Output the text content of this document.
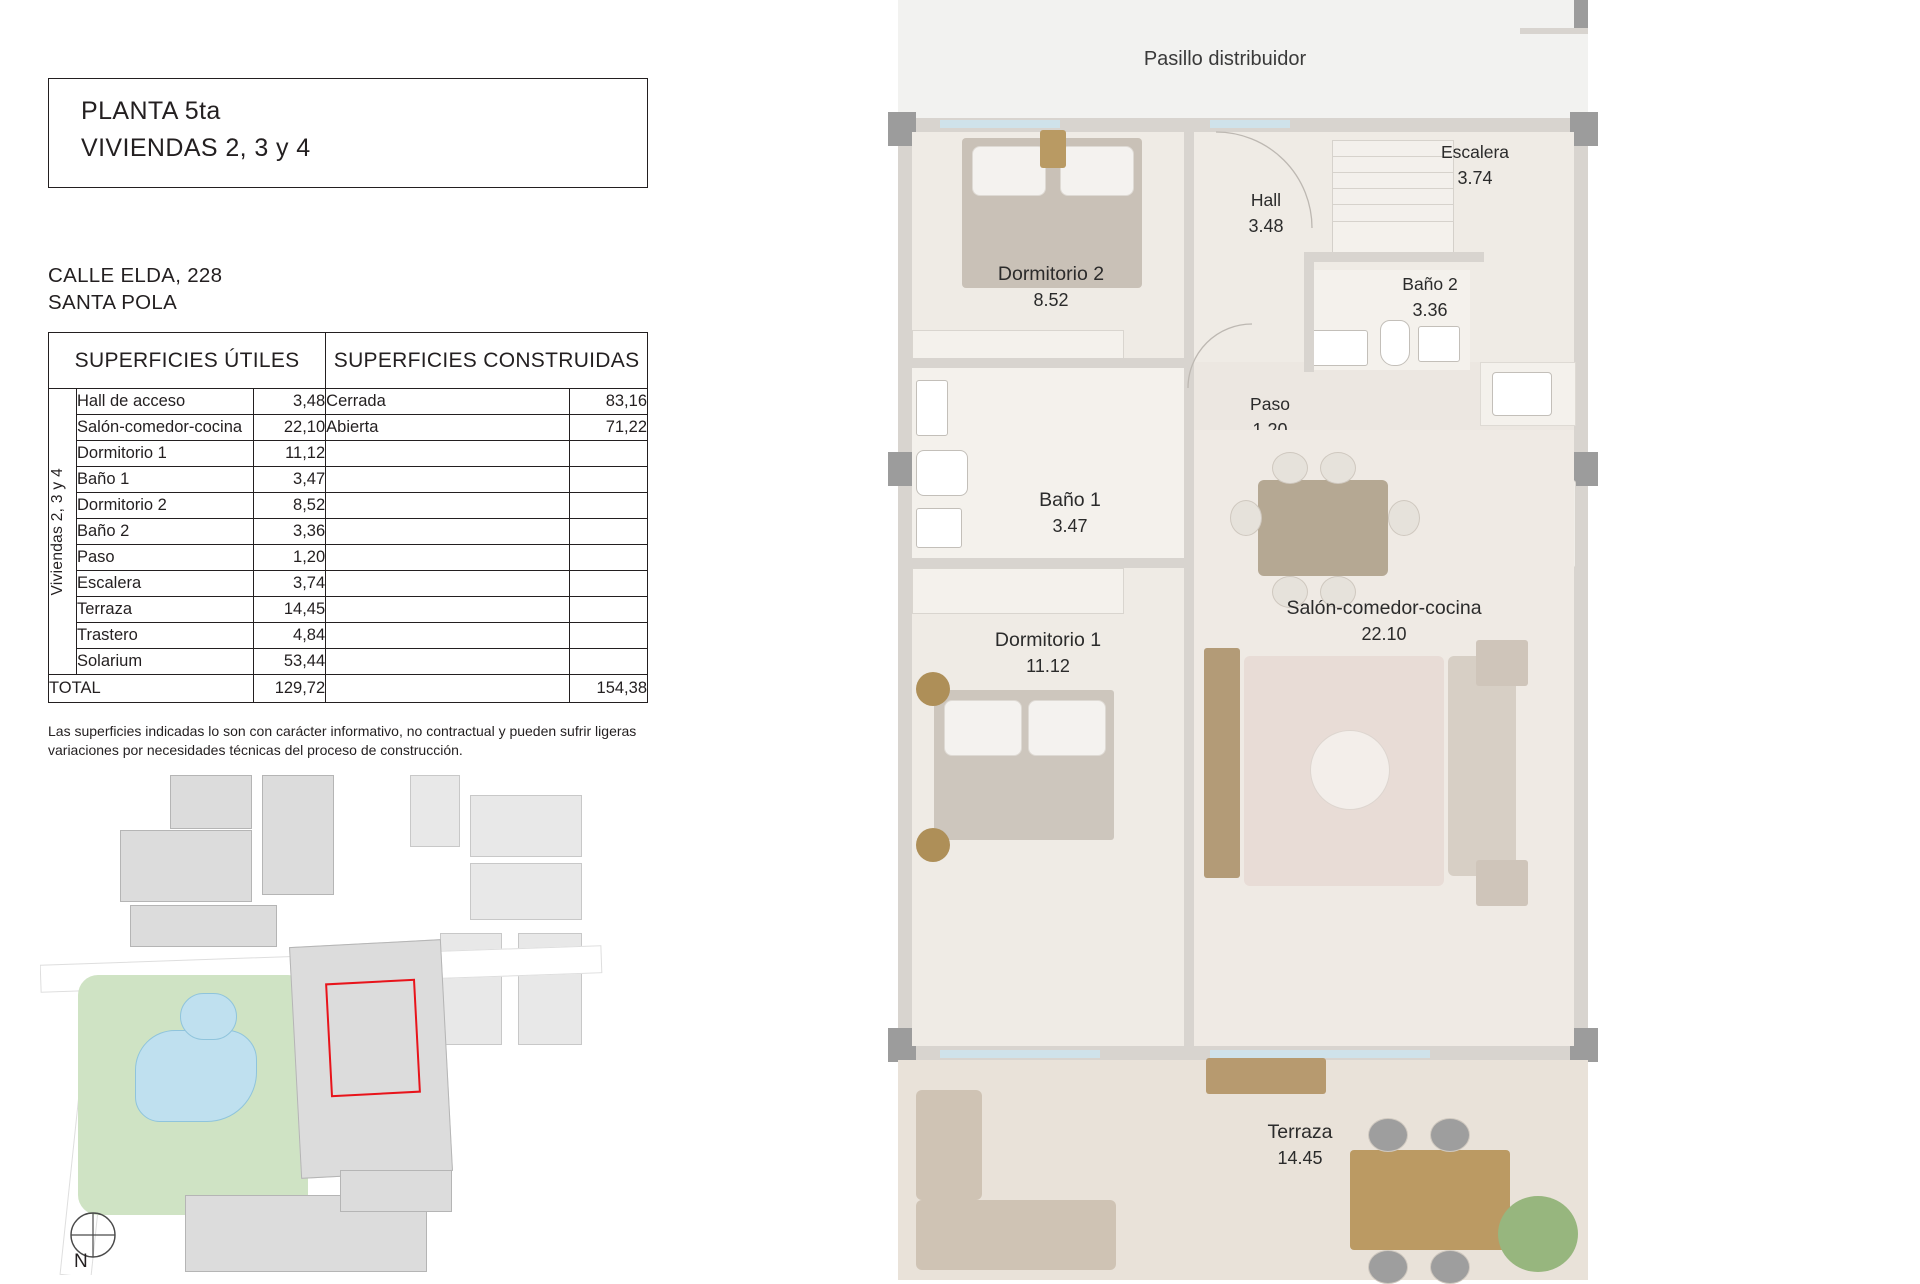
PLANTA 5ta
VIVIENDAS 2, 3 y 4
CALLE ELDA, 228
SANTA POLA
SUPERFICIES ÚTILES			SUPERFICIES CONSTRUIDAS	

Viviendas 2, 3 y 4	Hall de acceso	3,48	Cerrada	83,16
	Salón-comedor-cocina	22,10	Abierta	71,22
	Dormitorio 1	11,12		
	Baño 1	3,47		
	Dormitorio 2	8,52		
	Baño 2	3,36		
	Paso	1,20		
	Escalera	3,74		
	Terraza	14,45		
	Trastero	4,84		
	Solarium	53,44		
TOTAL		129,72		154,38
Las superficies indicadas lo son con carácter informativo, no contractual y pueden sufrir ligeras variaciones por necesidades técnicas del proceso de construcción.
N
Pasillo distribuidor
Dormitorio 2
8.52
Hall
3.48
Escalera
3.74
Baño 2
3.36
Paso
Baño 1
3.47
Dormitorio 1
11.12
Salón-comedor-cocina
22.10
Terraza
14.45
